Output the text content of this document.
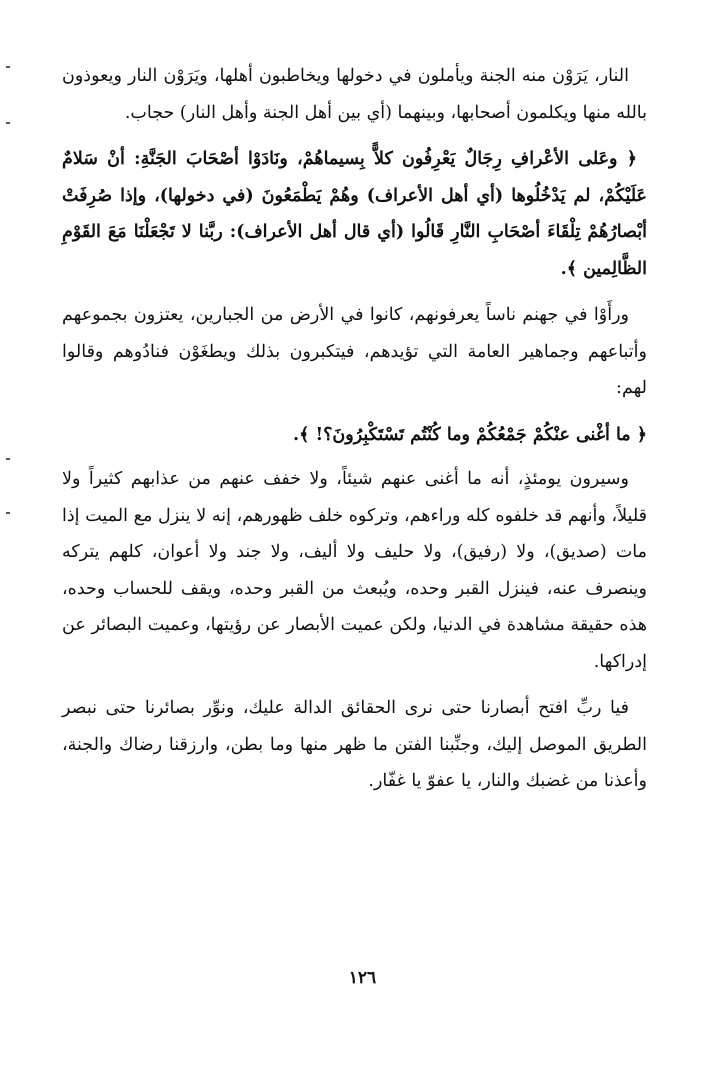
النار، يَرَوْن منه الجنة ويأملون في دخولها ويخاطبون أهلها، ويَرَوْن النار ويعوذون بالله منها ويكلمون أصحابها، وبينهما (أي بين أهل الجنة وأهل النار) حجاب.

﴿ وعَلى الأعْرافِ رِجَالٌ يَعْرِفُون كلاًّ بِسيماهُمْ، ونَادَوْا أصْحَابَ الجَنَّةِ: أنْ سَلامٌ عَلَيْكُمْ، لم يَدْخُلُوها (أي أهل الأعراف) وهُمْ يَطْمَعُونَ (في دخولها)، وإذا صُرِفَتْ أبْصارُهُمْ تِلْقَاءَ أصْحَابِ النَّارِ قَالُوا (أي قال أهل الأعراف): ربَّنا لا تَجْعَلْنَا مَعَ القَوْمِ الظَّالِمين ﴾.

ورأَوْا في جهنم ناساً يعرفونهم، كانوا في الأرض من الجبارين، يعتزون بجموعهم وأتباعهم وجماهير العامة التي تؤيدهم، فيتكبرون بذلك ويطغَوْن فنادُوهم وقالوا لهم:

﴿ ما أغْنى عنْكُمْ جَمْعُكُمْ وما كُنْتُم تَسْتَكْبِرُونَ؟! ﴾.

وسيرون يومئذٍ، أنه ما أغنى عنهم شيئاً، ولا خفف عنهم من عذابهم كثيراً ولا قليلاً، وأنهم قد خلفوه كله وراءهم، وتركوه خلف ظهورهم، إنه لا ينزل مع الميت إذا مات (صديق)، ولا (رفيق)، ولا حليف ولا أليف، ولا جند ولا أعوان، كلهم يتركه وينصرف عنه، فينزل القبر وحده، ويُبعث من القبر وحده، ويقف للحساب وحده، هذه حقيقة مشاهدة في الدنيا، ولكن عميت الأبصار عن رؤيتها، وعميت البصائر عن إدراكها.

فيا ربِّ افتح أبصارنا حتى نرى الحقائق الدالة عليك، ونوِّر بصائرنا حتى نبصر الطريق الموصل إليك، وجنِّبنا الفتن ما ظهر منها وما بطن، وارزقنا رضاك والجنة، وأعذنا من غضبك والنار، يا عفوّ يا غفّار.

١٢٦
